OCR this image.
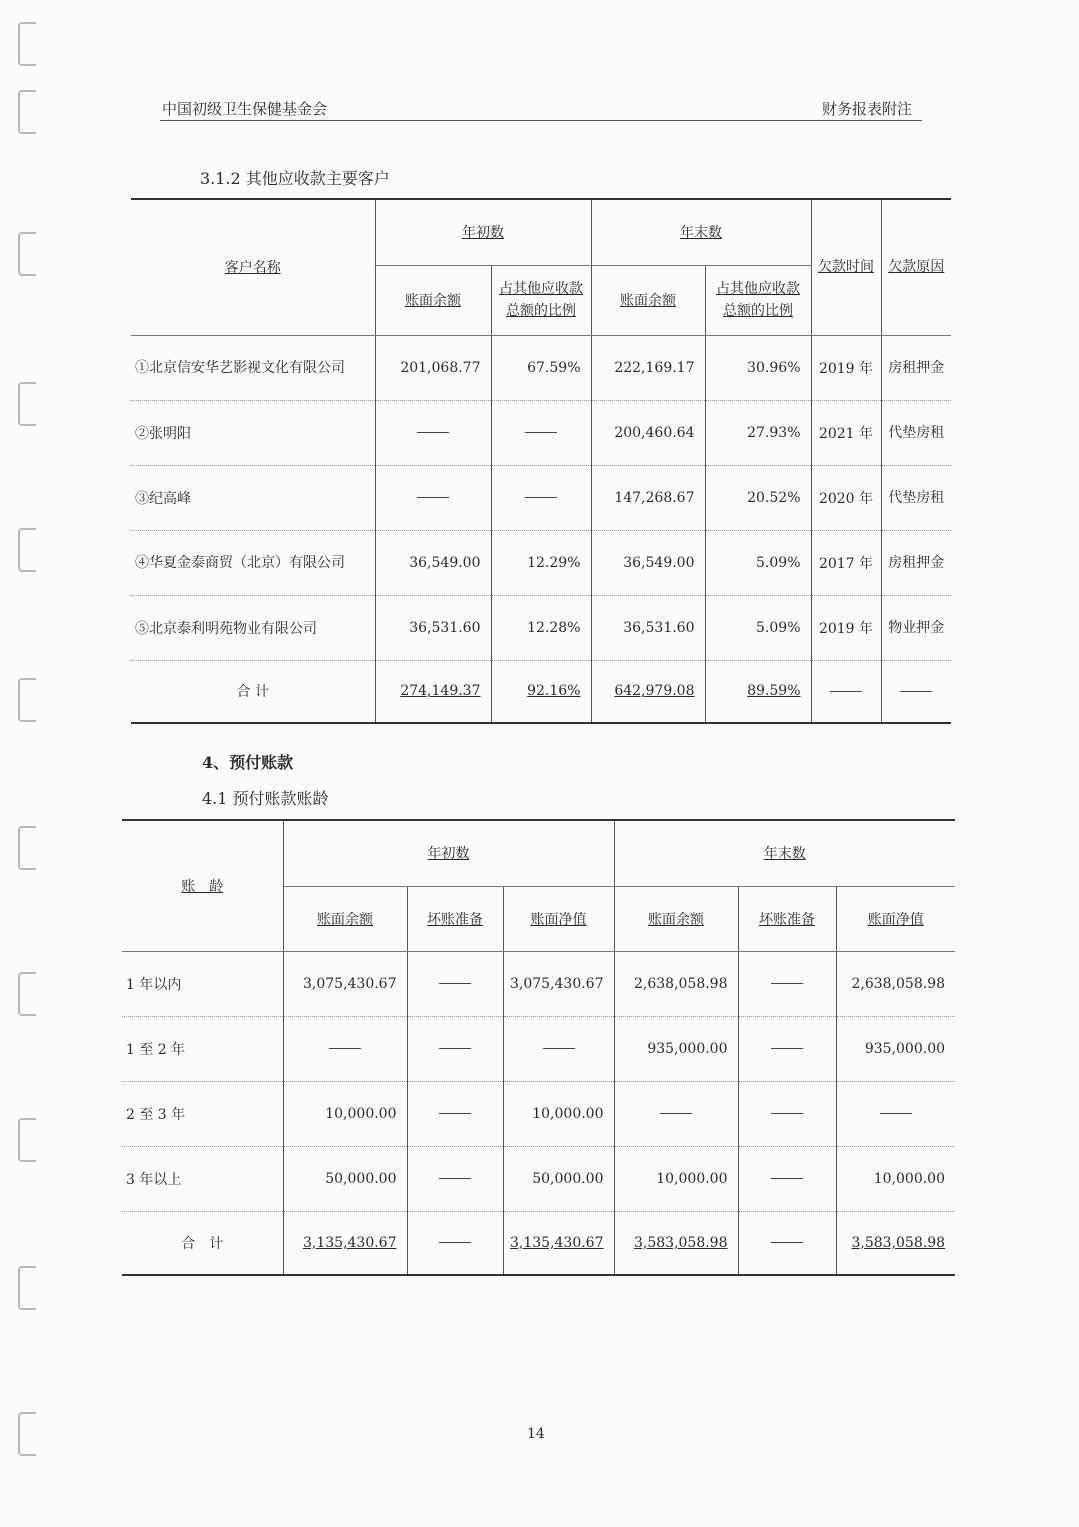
中国初级卫生保健基金会	财务报表附注
3.1.2 其他应收款主要客户
客户名称	年初数		年末数		欠款时间	欠款原因
	账面余额	占其他应收款总额的比例	账面余额	占其他应收款总额的比例		
①北京信安华艺影视文化有限公司	201,068.77	67.59%	222,169.17	30.96%	2019 年	房租押金
②张明阳			200,460.64	27.93%	2021 年	代垫房租
③纪高峰			147,268.67	20.52%	2020 年	代垫房租
④华夏金泰商贸（北京）有限公司	36,549.00	12.29%	36,549.00	5.09%	2017 年	房租押金
⑤北京泰利明苑物业有限公司	36,531.60	12.28%	36,531.60	5.09%	2019 年	物业押金
合 计	274,149.37	92.16%	642,979.08	89.59%		
4、预付账款
4.1 预付账款账龄
账　龄	年初数			年末数		
	账面余额	坏账准备	账面净值	账面余额	坏账准备	账面净值
1 年以内	3,075,430.67		3,075,430.67	2,638,058.98		2,638,058.98
1 至 2 年				935,000.00		935,000.00
2 至 3 年	10,000.00		10,000.00			
3 年以上	50,000.00		50,000.00	10,000.00		10,000.00
合　计	3,135,430.67		3,135,430.67	3,583,058.98		3,583,058.98
14
